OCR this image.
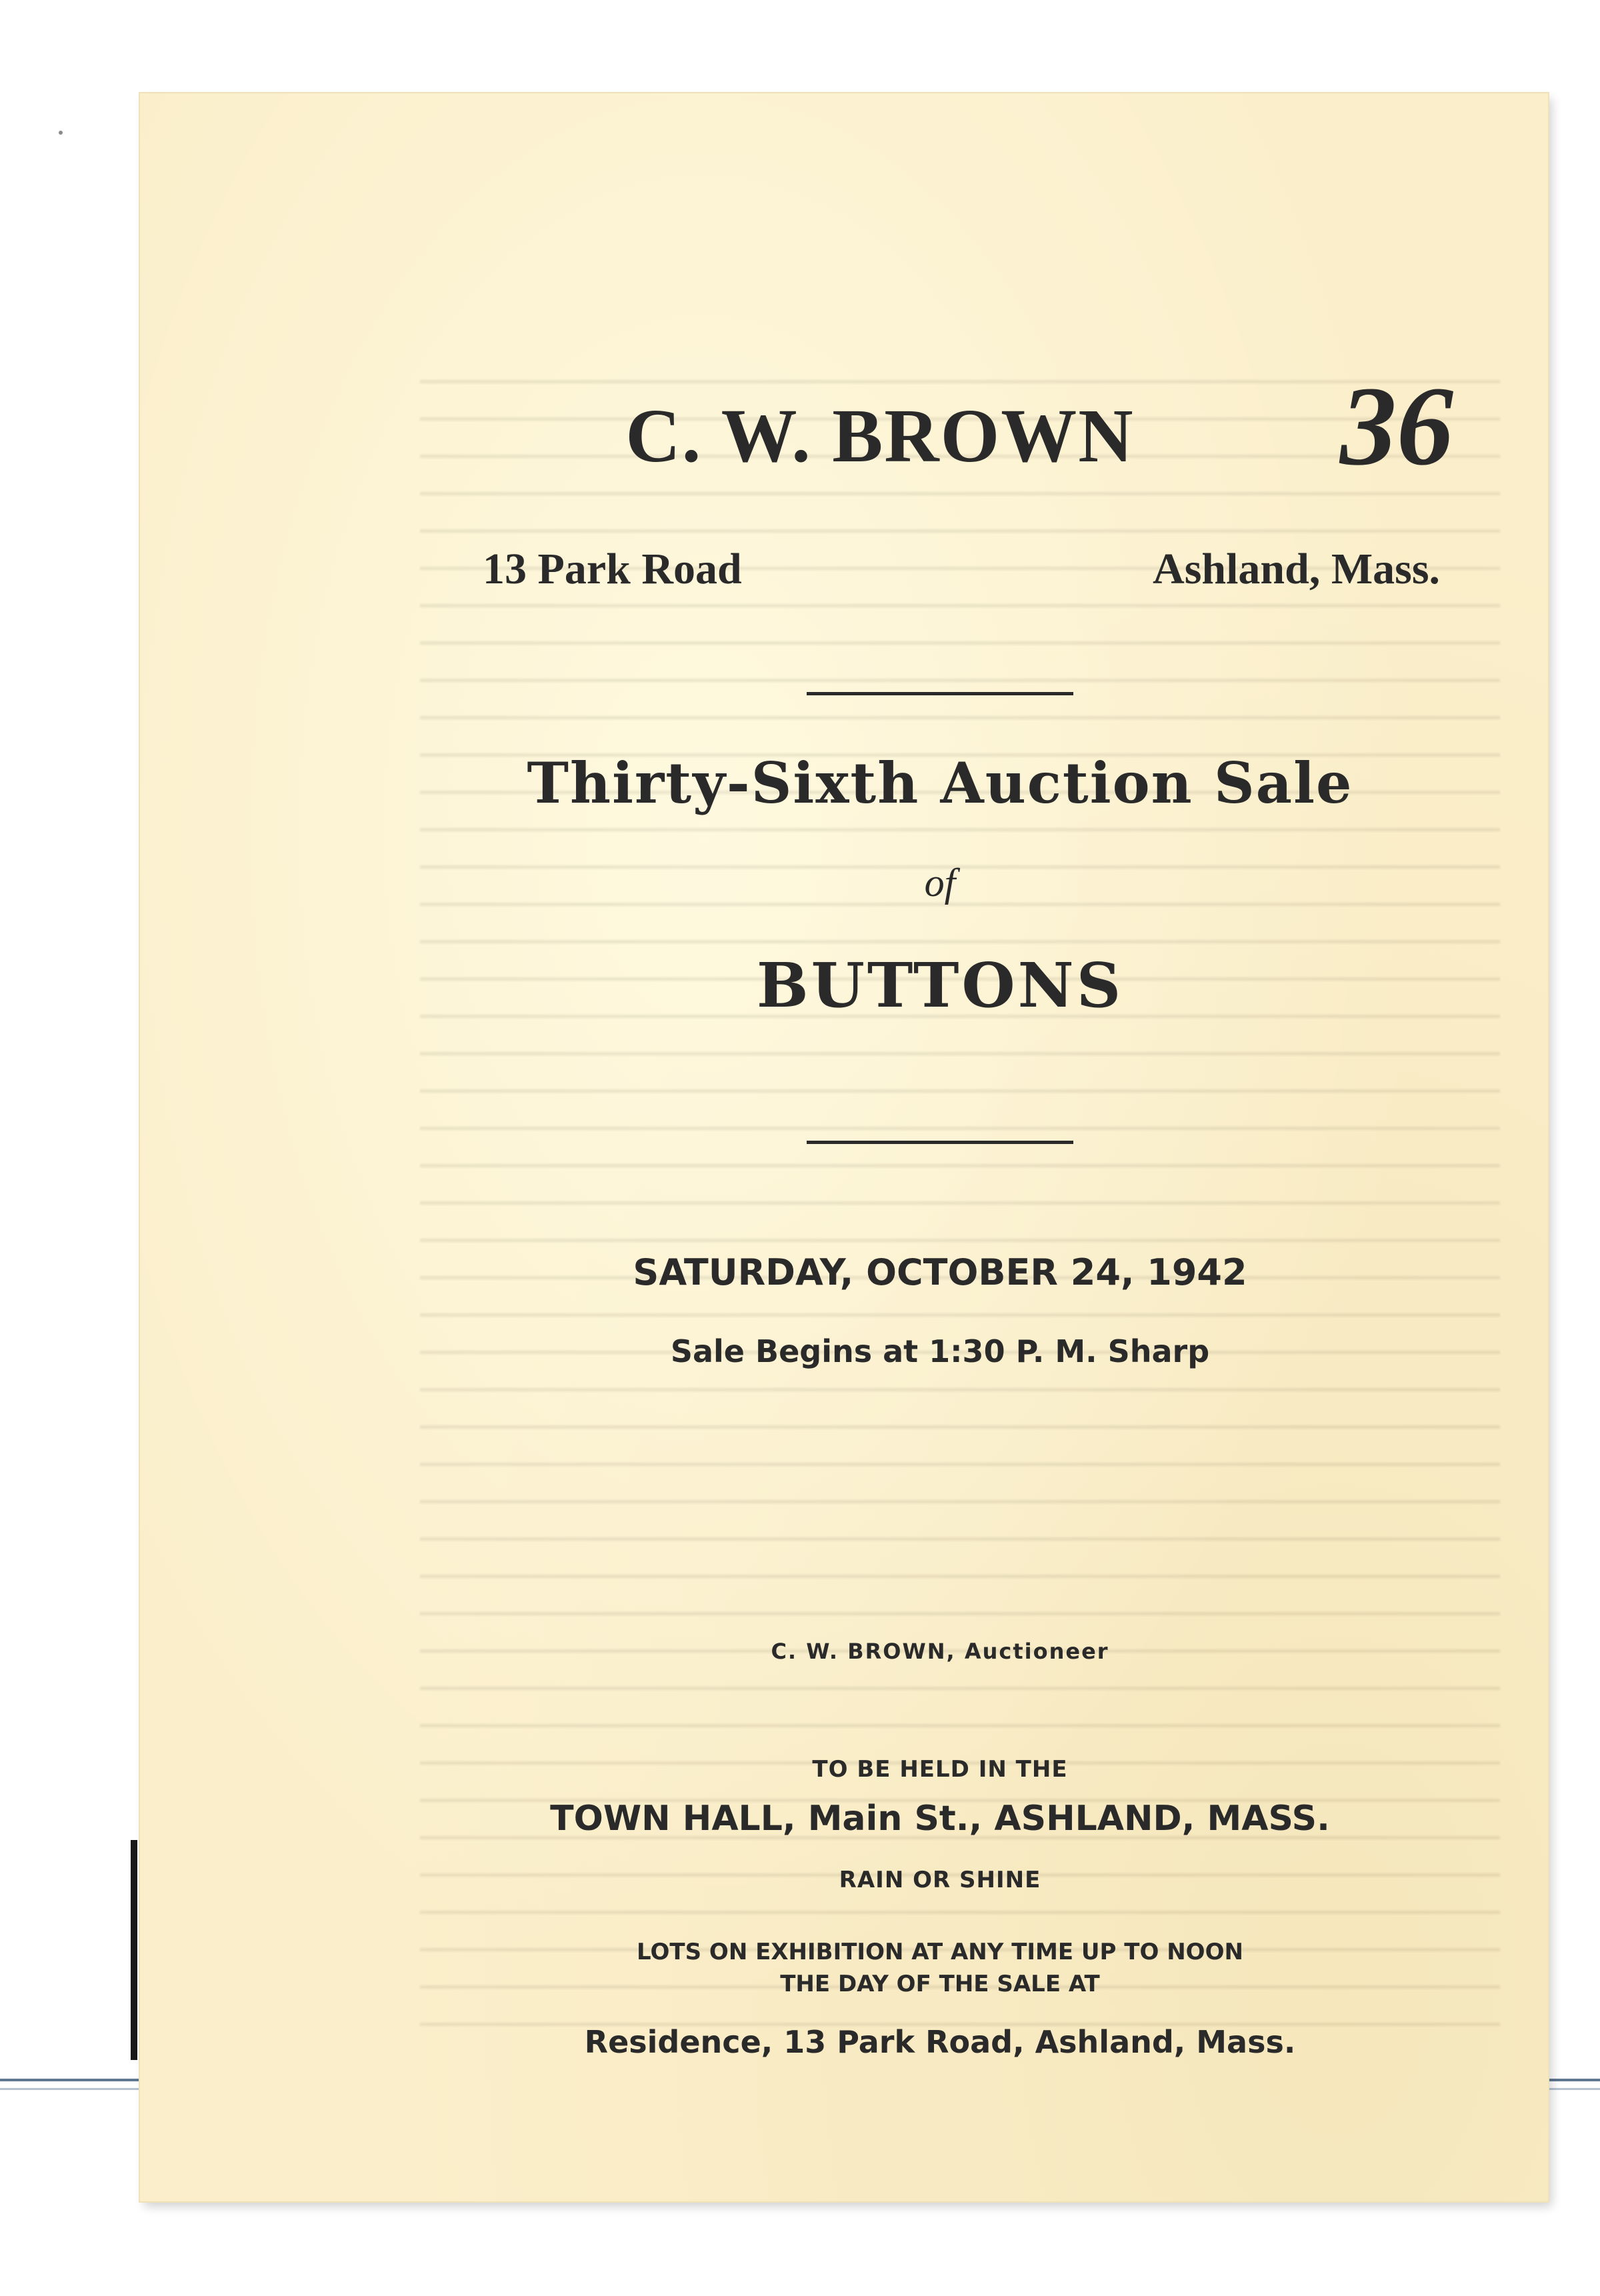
C. W. BROWN	36
13 Park Road	Ashland, Mass.
Thirty-Sixth Auction Sale
of
BUTTONS
SATURDAY, OCTOBER 24, 1942
Sale Begins at 1:30 P. M. Sharp
C. W. BROWN, Auctioneer
TO BE HELD IN THE
TOWN HALL, Main St., ASHLAND, MASS.
RAIN OR SHINE
LOTS ON EXHIBITION AT ANY TIME UP TO NOON
THE DAY OF THE SALE AT
Residence, 13 Park Road, Ashland, Mass.
